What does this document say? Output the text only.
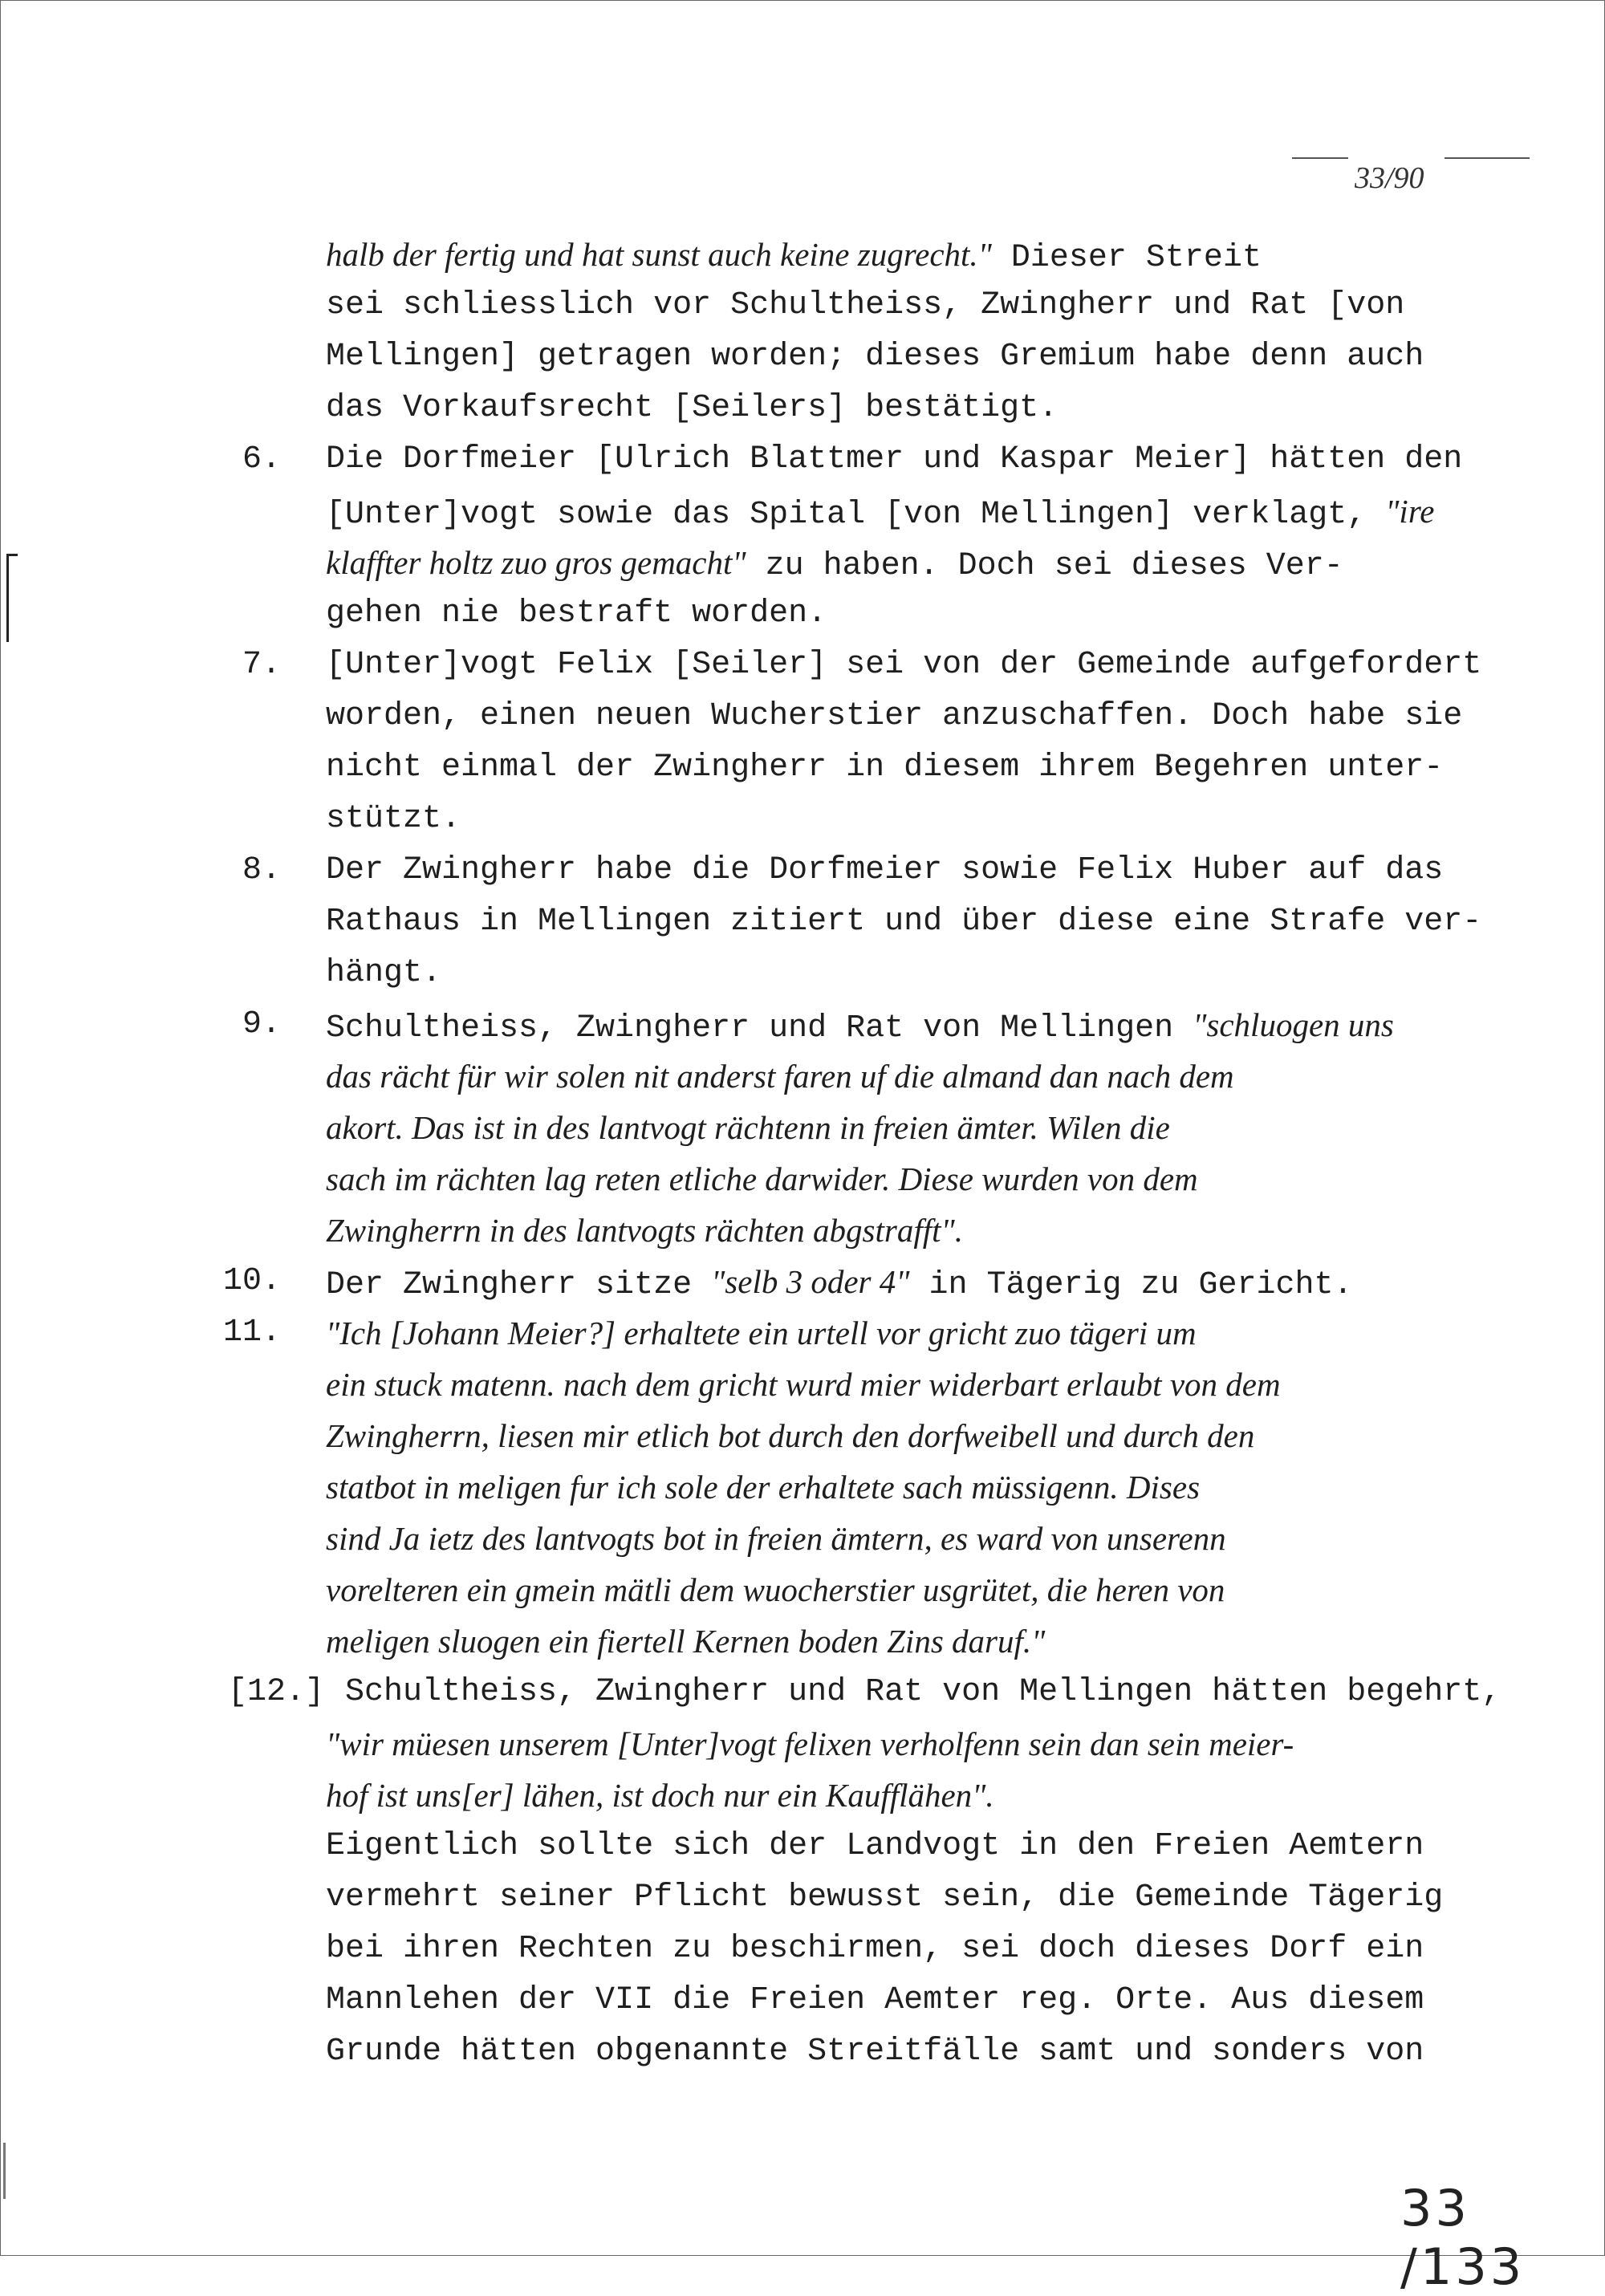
33/90
halb der fertig und hat sunst auch keine zugrecht." Dieser Streit
sei schliesslich vor Schultheiss, Zwingherr und Rat [von
Mellingen] getragen worden; dieses Gremium habe denn auch
das Vorkaufsrecht [Seilers] bestätigt.
6. Die Dorfmeier [Ulrich Blattmer und Kaspar Meier] hätten den
[Unter]vogt sowie das Spital [von Mellingen] verklagt, "ire
klaffter holtz zuo gros gemacht" zu haben. Doch sei dieses Ver-
gehen nie bestraft worden.
7. [Unter]vogt Felix [Seiler] sei von der Gemeinde aufgefordert
worden, einen neuen Wucherstier anzuschaffen. Doch habe sie
nicht einmal der Zwingherr in diesem ihrem Begehren unter-
stützt.
8. Der Zwingherr habe die Dorfmeier sowie Felix Huber auf das
Rathaus in Mellingen zitiert und über diese eine Strafe ver-
hängt.
9. Schultheiss, Zwingherr und Rat von Mellingen "schluogen uns
das rächt für wir solen nit anderst faren uf die almand dan nach dem
akort. Das ist in des lantvogt rächtenn in freien ämter. Wilen die
sach im rächten lag reten etliche darwider. Diese wurden von dem
Zwingherrn in des lantvogts rächten abgstrafft".
10. Der Zwingherr sitze "selb 3 oder 4" in Tägerig zu Gericht.
11. "Ich [Johann Meier?] erhaltete ein urtell vor gricht zuo tägeri um
ein stuck matenn. nach dem gricht wurd mier widerbart erlaubt von dem
Zwingherrn, liesen mir etlich bot durch den dorfweibell und durch den
statbot in meligen fur ich sole der erhaltete sach müssigenn. Dises
sind Ja ietz des lantvogts bot in freien ämtern, es ward von unserenn
vorelteren ein gmein mätli dem wuocherstier usgrütet, die heren von
meligen sluogen ein fiertell Kernen boden Zins daruf."
[12.] Schultheiss, Zwingherr und Rat von Mellingen hätten begehrt,
"wir müesen unserem [Unter]vogt felixen verholfenn sein dan sein meier-
hof ist uns[er] lähen, ist doch nur ein Kaufflähen".
Eigentlich sollte sich der Landvogt in den Freien Aemtern
vermehrt seiner Pflicht bewusst sein, die Gemeinde Tägerig
bei ihren Rechten zu beschirmen, sei doch dieses Dorf ein
Mannlehen der VII die Freien Aemter reg. Orte. Aus diesem
Grunde hätten obgenannte Streitfälle samt und sonders von
33 /133
